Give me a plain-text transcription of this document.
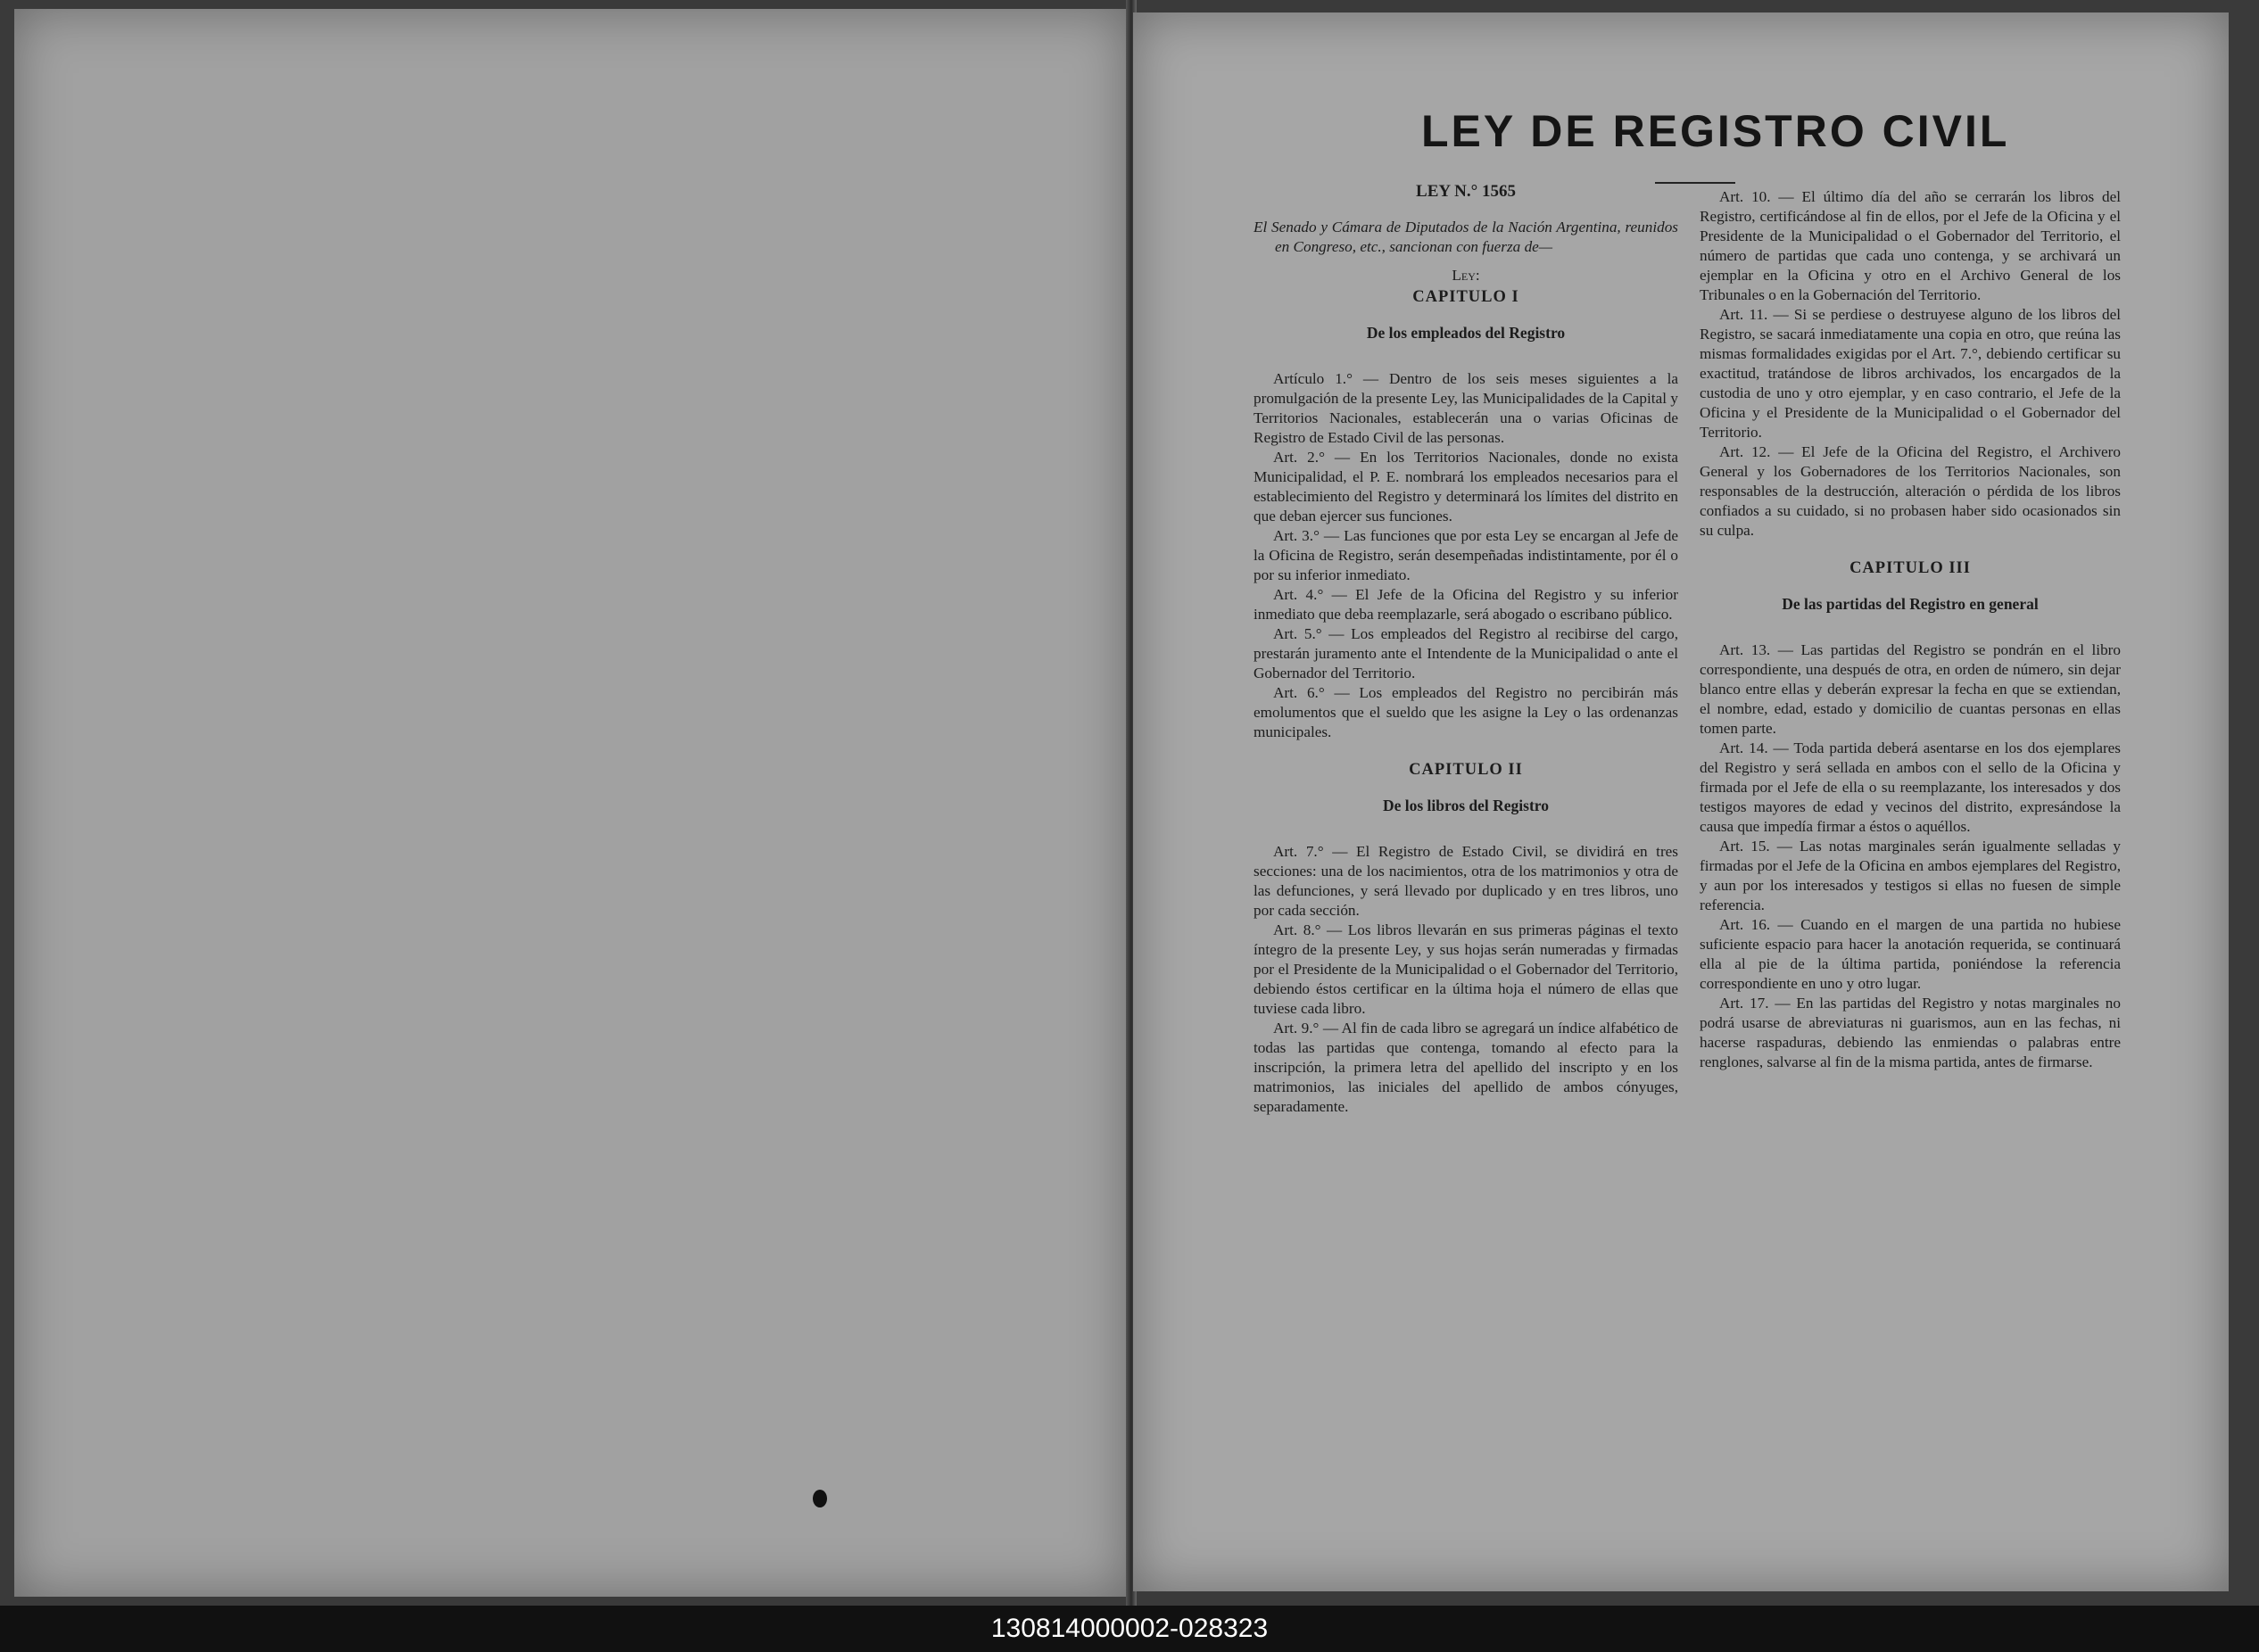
LEY DE REGISTRO CIVIL
LEY N.° 1565
El Senado y Cámara de Diputados de la Nación Argentina, reunidos en Congreso, etc., sancionan con fuerza de—
Ley:
CAPITULO I
De los empleados del Registro

Artículo 1.° — Dentro de los seis meses siguientes a la promulgación de la presente Ley, las Municipalidades de la Capital y Territorios Nacionales, establecerán una o varias Oficinas de Registro de Estado Civil de las personas.

Art. 2.° — En los Territorios Nacionales, donde no exista Municipalidad, el P. E. nombrará los empleados necesarios para el establecimiento del Registro y determinará los límites del distrito en que deban ejercer sus funciones.

Art. 3.° — Las funciones que por esta Ley se encargan al Jefe de la Oficina de Registro, serán desempeñadas indistintamente, por él o por su inferior inmediato.

Art. 4.° — El Jefe de la Oficina del Registro y su inferior inmediato que deba reemplazarle, será abogado o escribano público.

Art. 5.° — Los empleados del Registro al recibirse del cargo, prestarán juramento ante el Intendente de la Municipalidad o ante el Gobernador del Territorio.

Art. 6.° — Los empleados del Registro no percibirán más emolumentos que el sueldo que les asigne la Ley o las ordenanzas municipales.

CAPITULO II
De los libros del Registro

Art. 7.° — El Registro de Estado Civil, se dividirá en tres secciones: una de los nacimientos, otra de los matrimonios y otra de las defunciones, y será llevado por duplicado y en tres libros, uno por cada sección.

Art. 8.° — Los libros llevarán en sus primeras páginas el texto íntegro de la presente Ley, y sus hojas serán numeradas y firmadas por el Presidente de la Municipalidad o el Gobernador del Territorio, debiendo éstos certificar en la última hoja el número de ellas que tuviese cada libro.

Art. 9.° — Al fin de cada libro se agregará un índice alfabético de todas las partidas que contenga, tomando al efecto para la inscripción, la primera letra del apellido del inscripto y en los matrimonios, las iniciales del apellido de ambos cónyuges, separadamente.

Art. 10. — El último día del año se cerrarán los libros del Registro, certificándose al fin de ellos, por el Jefe de la Oficina y el Presidente de la Municipalidad o el Gobernador del Territorio, el número de partidas que cada uno contenga, y se archivará un ejemplar en la Oficina y otro en el Archivo General de los Tribunales o en la Gobernación del Territorio.

Art. 11. — Si se perdiese o destruyese alguno de los libros del Registro, se sacará inmediatamente una copia en otro, que reúna las mismas formalidades exigidas por el Art. 7.°, debiendo certificar su exactitud, tratándose de libros archivados, los encargados de la custodia de uno y otro ejemplar, y en caso contrario, el Jefe de la Oficina y el Presidente de la Municipalidad o el Gobernador del Territorio.

Art. 12. — El Jefe de la Oficina del Registro, el Archivero General y los Gobernadores de los Territorios Nacionales, son responsables de la destrucción, alteración o pérdida de los libros confiados a su cuidado, si no probasen haber sido ocasionados sin su culpa.

CAPITULO III
De las partidas del Registro en general

Art. 13. — Las partidas del Registro se pondrán en el libro correspondiente, una después de otra, en orden de número, sin dejar blanco entre ellas y deberán expresar la fecha en que se extiendan, el nombre, edad, estado y domicilio de cuantas personas en ellas tomen parte.

Art. 14. — Toda partida deberá asentarse en los dos ejemplares del Registro y será sellada en ambos con el sello de la Oficina y firmada por el Jefe de ella o su reemplazante, los interesados y dos testigos mayores de edad y vecinos del distrito, expresándose la causa que impedía firmar a éstos o aquéllos.

Art. 15. — Las notas marginales serán igualmente selladas y firmadas por el Jefe de la Oficina en ambos ejemplares del Registro, y aun por los interesados y testigos si ellas no fuesen de simple referencia.

Art. 16. — Cuando en el margen de una partida no hubiese suficiente espacio para hacer la anotación requerida, se continuará ella al pie de la última partida, poniéndose la referencia correspondiente en uno y otro lugar.

Art. 17. — En las partidas del Registro y notas marginales no podrá usarse de abreviaturas ni guarismos, aun en las fechas, ni hacerse raspaduras, debiendo las enmiendas o palabras entre renglones, salvarse al fin de la misma partida, antes de firmarse.

130814000002-028323
